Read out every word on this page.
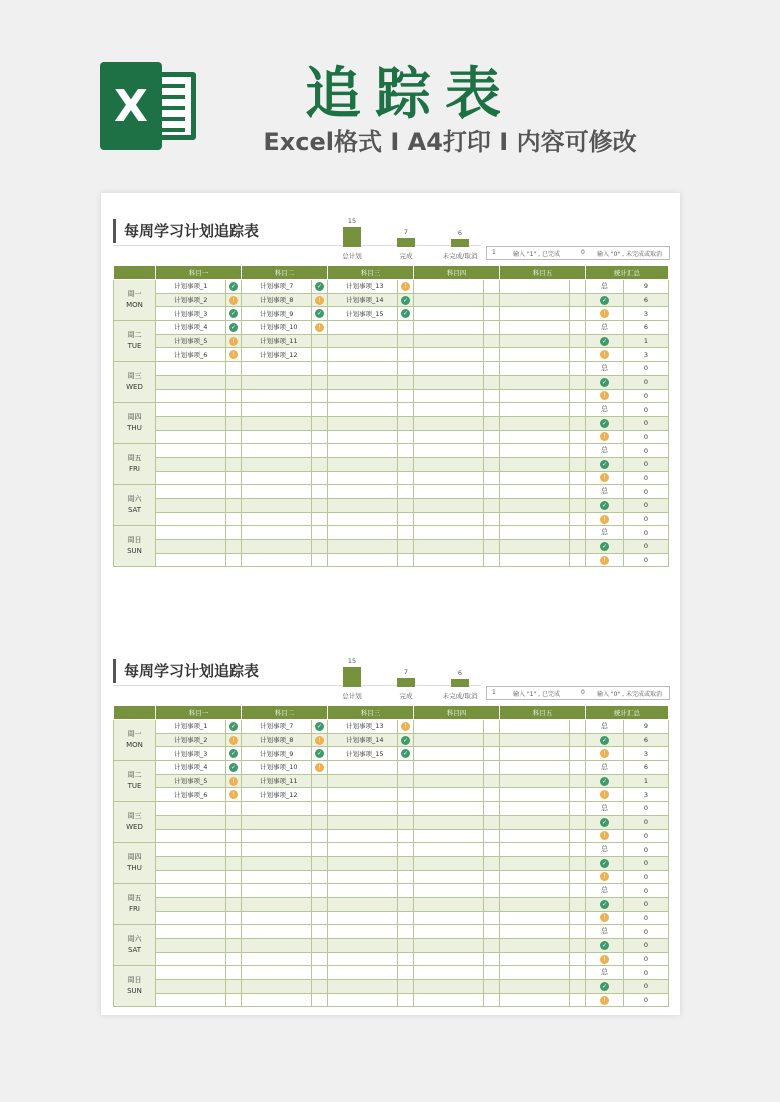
X	追踪表
Excel格式 I A4打印 I 内容可修改
每周学习计划追踪表
15
总计划
7
完成
6
未完成/取消	1	输入 "1" , 已完成	0 输入 "0" , 未完成或取消
	科目一		科目二		科目三		科目四		科目五		统计汇总	

周一
MON	计划事项_1	✓	计划事项_7	✓	计划事项_13	!					总	9
	计划事项_2	!	计划事项_8	!	计划事项_14	✓					✓	6
	计划事项_3	✓	计划事项_9	✓	计划事项_15	✓					!	3

周二
TUE	计划事项_4	✓	计划事项_10	!							总	6
	计划事项_5	!	计划事项_11								✓	1
	计划事项_6	!	计划事项_12								!	3

周三
WED											总	0
											✓	0
											!	0

周四
THU											总	0
											✓	0
											!	0

周五
FRI											总	0
											✓	0
											!	0

周六
SAT											总	0
											✓	0
											!	0

周日
SUN											总	0
											✓	0
											!	0
每周学习计划追踪表
15
总计划
7
完成
6
未完成/取消	1	输入 "1" , 已完成	0 输入 "0" , 未完成或取消
	科目一		科目二		科目三		科目四		科目五		统计汇总	

周一
MON	计划事项_1	✓	计划事项_7	✓	计划事项_13	!					总	9
	计划事项_2	!	计划事项_8	!	计划事项_14	✓					✓	6
	计划事项_3	✓	计划事项_9	✓	计划事项_15	✓					!	3

周二
TUE	计划事项_4	✓	计划事项_10	!							总	6
	计划事项_5	!	计划事项_11								✓	1
	计划事项_6	!	计划事项_12								!	3

周三
WED											总	0
											✓	0
											!	0

周四
THU											总	0
											✓	0
											!	0

周五
FRI											总	0
											✓	0
											!	0

周六
SAT											总	0
											✓	0
											!	0

周日
SUN											总	0
											✓	0
											!	0
